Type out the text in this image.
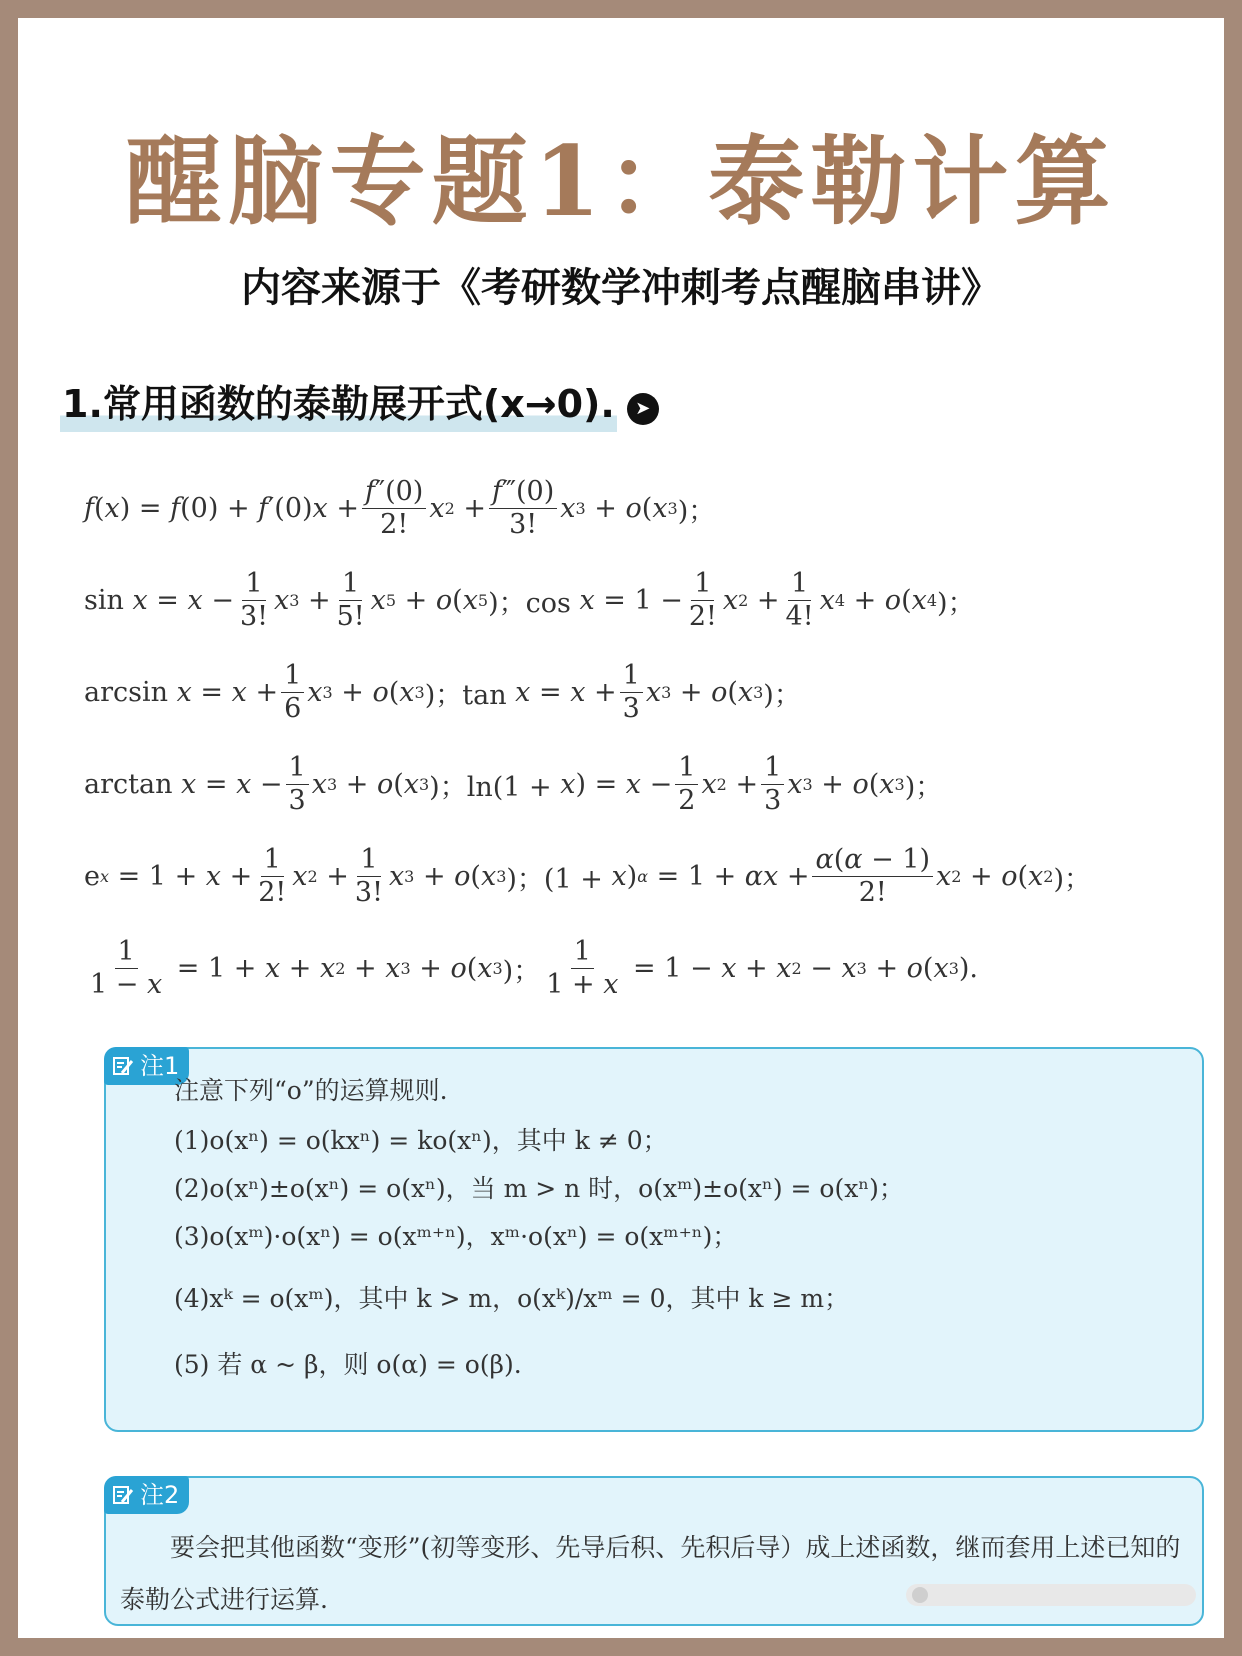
醒脑专题1：泰勒计算
内容来源于《考研数学冲刺考点醒脑串讲》
1.常用函数的泰勒展开式(x→0). ➤
f ( x ) = f (0) + f ′(0) $x + \frac{f''(0)}{2!}$ x $2 + \frac{f‴(0)}{3!}$ x 3 + o ( x 3 )；
$\sin x = x - \frac{1}{3!}$ x $3 + \frac{1}{5!}$ x 5 + o ( x 5 )；$\cos x = 1 - \frac{1}{2!}$ x $2 + \frac{1}{4!}$ x 4 + o ( x 4 )；
$\arcsin x = x + \frac{1}{6}$ x 3 + o ( x 3 )；$\tan x = x + \frac{1}{3}$ x 3 + o ( x 3 )；
$\arctan x = x - \frac{1}{3}$ x 3 + o ( x 3 )；ln(1 + x ) = $x - \frac{1}{2}$ x $2 + \frac{1}{3}$ x 3 + o ( x 3 )；
e $x = 1 + x + \frac{1}{2!}$ x $2 + \frac{1}{3!}$ x 3 + o ( x 3 )；(1 + x ) $\alpha = 1 + \alpha x + \frac{\alpha(\alpha - 1)}{2!}$ x 2 + o ( x 2 )；
$\frac{1}{1 - x} = 1 + x + x$ 2 + x 3 + o ( x 3 )； $\frac{1}{1 + x} = 1 - x + x$ 2 − x 3 + o ( x 3 ).
注1
注意下列“o”的运算规则.
(1)o(xⁿ) = o(kxⁿ) = ko(xⁿ)，其中 k ≠ 0；
(2)o(xⁿ)±o(xⁿ) = o(xⁿ)，当 m > n 时，o(xᵐ)±o(xⁿ) = o(xⁿ)；
(3)o(xᵐ)·o(xⁿ) = o(xᵐ⁺ⁿ)，xᵐ·o(xⁿ) = o(xᵐ⁺ⁿ)；
(4)xᵏ = o(xᵐ)，其中 k > m，o(xᵏ)/xᵐ = 0，其中 k ≥ m；
(5) 若 α ~ β，则 o(α) = o(β).
注2
要会把其他函数“变形”(初等变形、先导后积、先积后导）成上述函数，继而套用上述已知的泰勒公式进行运算.
